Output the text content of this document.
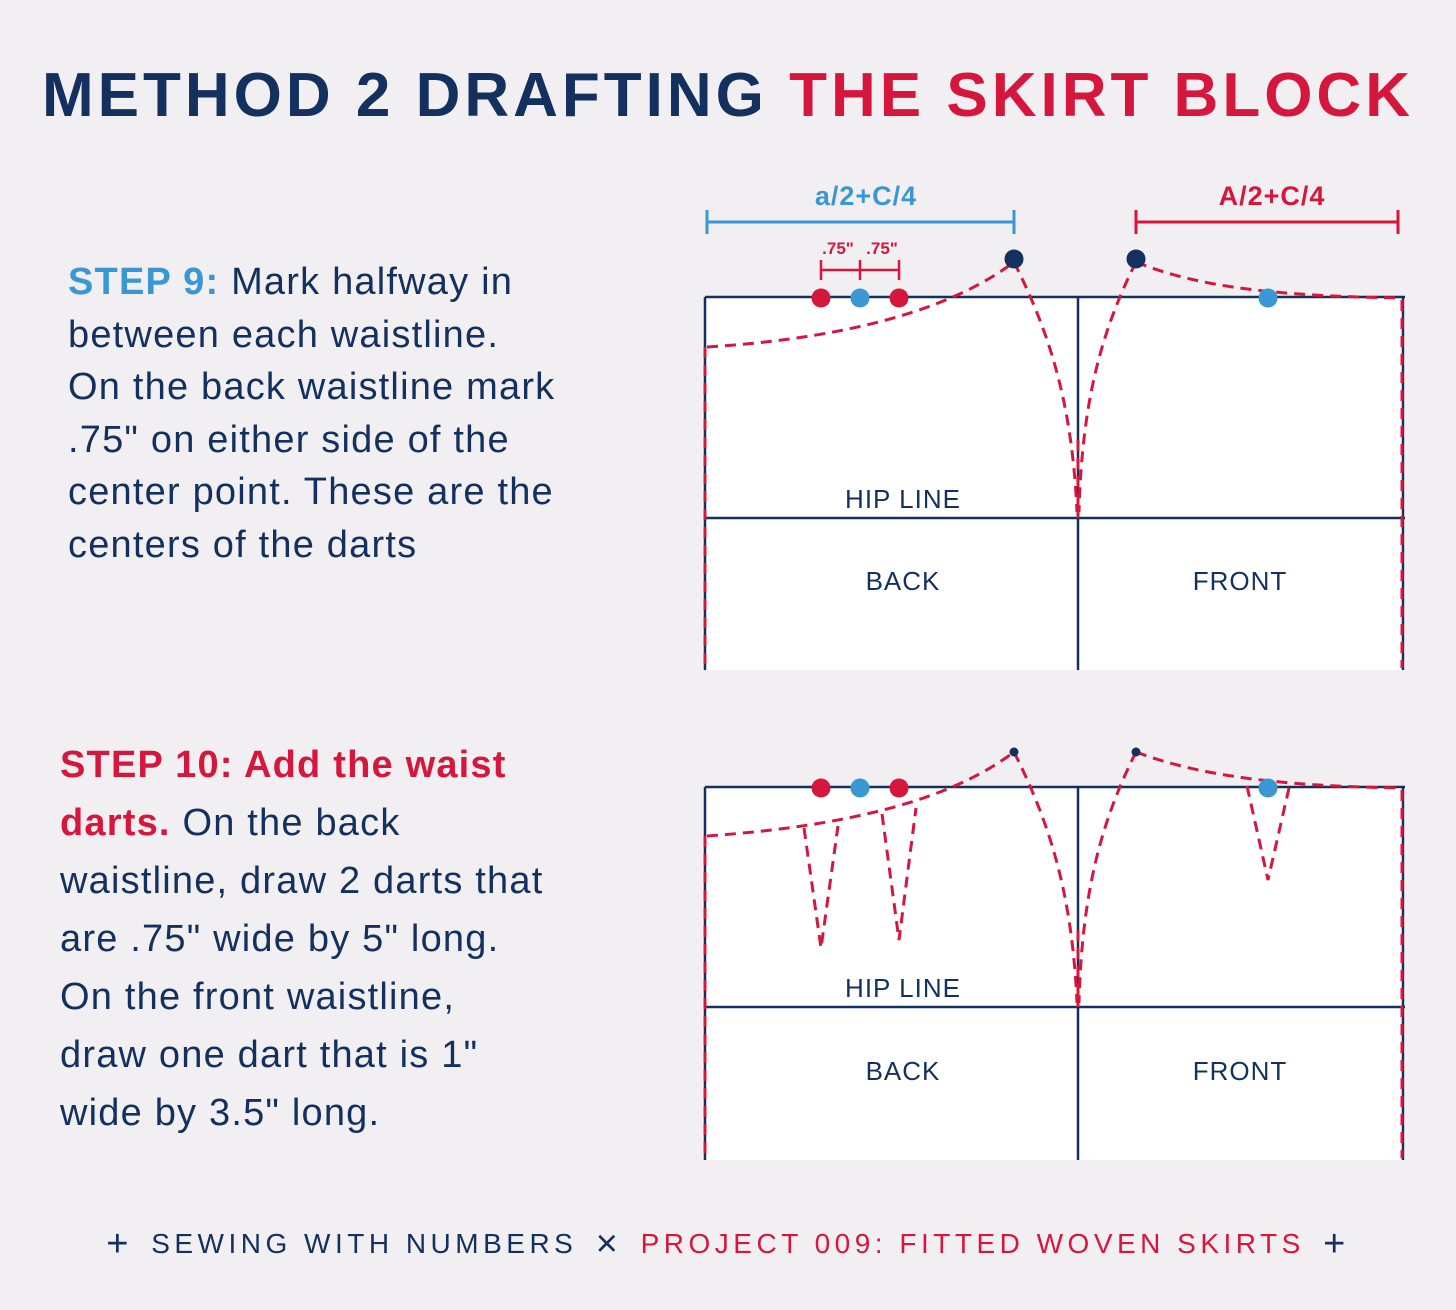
METHOD 2 DRAFTING THE SKIRT BLOCK
STEP 9: Mark halfway in
between each waistline.
On the back waistline mark
.75" on either side of the
center point. These are the
centers of the darts
STEP 10: Add the waist
darts. On the back
waistline, draw 2 darts that
are .75" wide by 5" long.
On the front waistline,
draw one dart that is 1"
wide by 3.5" long.
a/2+C/4	A/2+C/4
.75" .75"
HIP LINE
BACK	FRONT
HIP LINE
BACK	FRONT
+ SEWING WITH NUMBERS × PROJECT 009: FITTED WOVEN SKIRTS +
